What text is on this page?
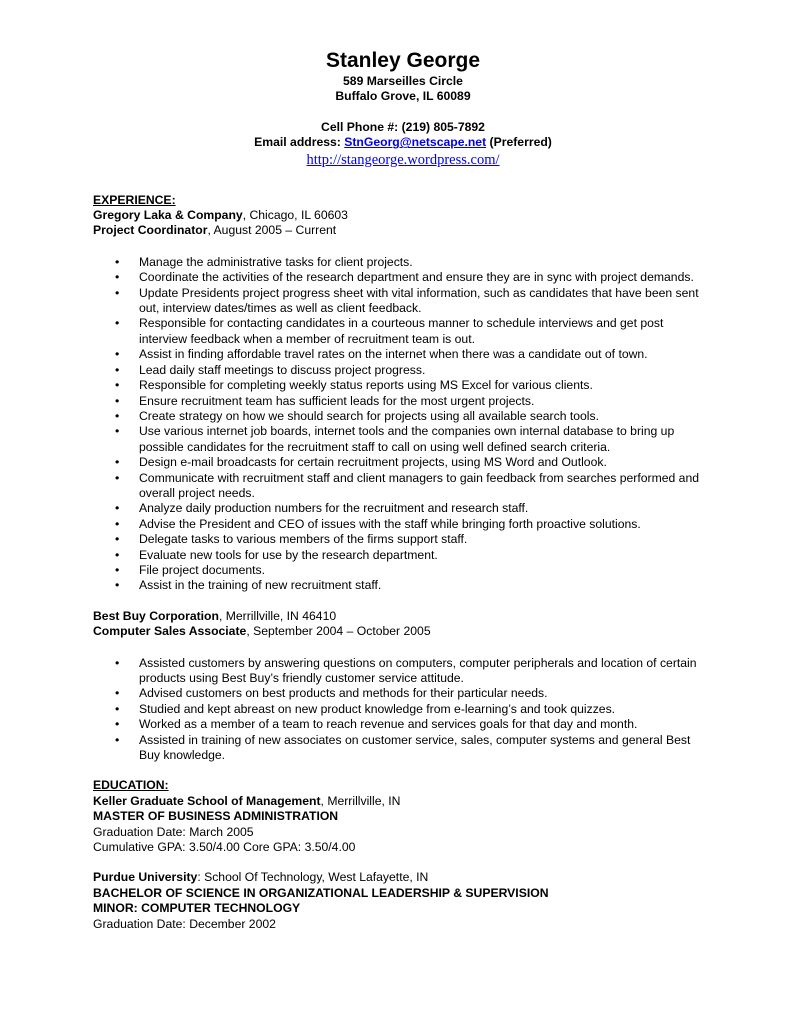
Stanley George
589 Marseilles Circle
Buffalo Grove, IL 60089
Cell Phone #: (219) 805-7892
Email address: StnGeorg@netscape.net (Preferred)
http://stangeorge.wordpress.com/
EXPERIENCE:
Gregory Laka & Company, Chicago, IL 60603
Project Coordinator, August 2005 – Current
• Manage the administrative tasks for client projects.
• Coordinate the activities of the research department and ensure they are in sync with project demands.
• Update Presidents project progress sheet with vital information, such as candidates that have been sent out, interview dates/times as well as client feedback.
• Responsible for contacting candidates in a courteous manner to schedule interviews and get post interview feedback when a member of recruitment team is out.
• Assist in finding affordable travel rates on the internet when there was a candidate out of town.
• Lead daily staff meetings to discuss project progress.
• Responsible for completing weekly status reports using MS Excel for various clients.
• Ensure recruitment team has sufficient leads for the most urgent projects.
• Create strategy on how we should search for projects using all available search tools.
• Use various internet job boards, internet tools and the companies own internal database to bring up possible candidates for the recruitment staff to call on using well defined search criteria.
• Design e-mail broadcasts for certain recruitment projects, using MS Word and Outlook.
• Communicate with recruitment staff and client managers to gain feedback from searches performed and overall project needs.
• Analyze daily production numbers for the recruitment and research staff.
• Advise the President and CEO of issues with the staff while bringing forth proactive solutions.
• Delegate tasks to various members of the firms support staff.
• Evaluate new tools for use by the research department.
• File project documents.
• Assist in the training of new recruitment staff.
Best Buy Corporation, Merrillville, IN 46410
Computer Sales Associate, September 2004 – October 2005
• Assisted customers by answering questions on computers, computer peripherals and location of certain products using Best Buy’s friendly customer service attitude.
• Advised customers on best products and methods for their particular needs.
• Studied and kept abreast on new product knowledge from e-learning’s and took quizzes.
• Worked as a member of a team to reach revenue and services goals for that day and month.
• Assisted in training of new associates on customer service, sales, computer systems and general Best Buy knowledge.
EDUCATION:
Keller Graduate School of Management, Merrillville, IN
MASTER OF BUSINESS ADMINISTRATION
Graduation Date: March 2005
Cumulative GPA: 3.50/4.00 Core GPA: 3.50/4.00
Purdue University: School Of Technology, West Lafayette, IN
BACHELOR OF SCIENCE IN ORGANIZATIONAL LEADERSHIP & SUPERVISION
MINOR: COMPUTER TECHNOLOGY
Graduation Date: December 2002
